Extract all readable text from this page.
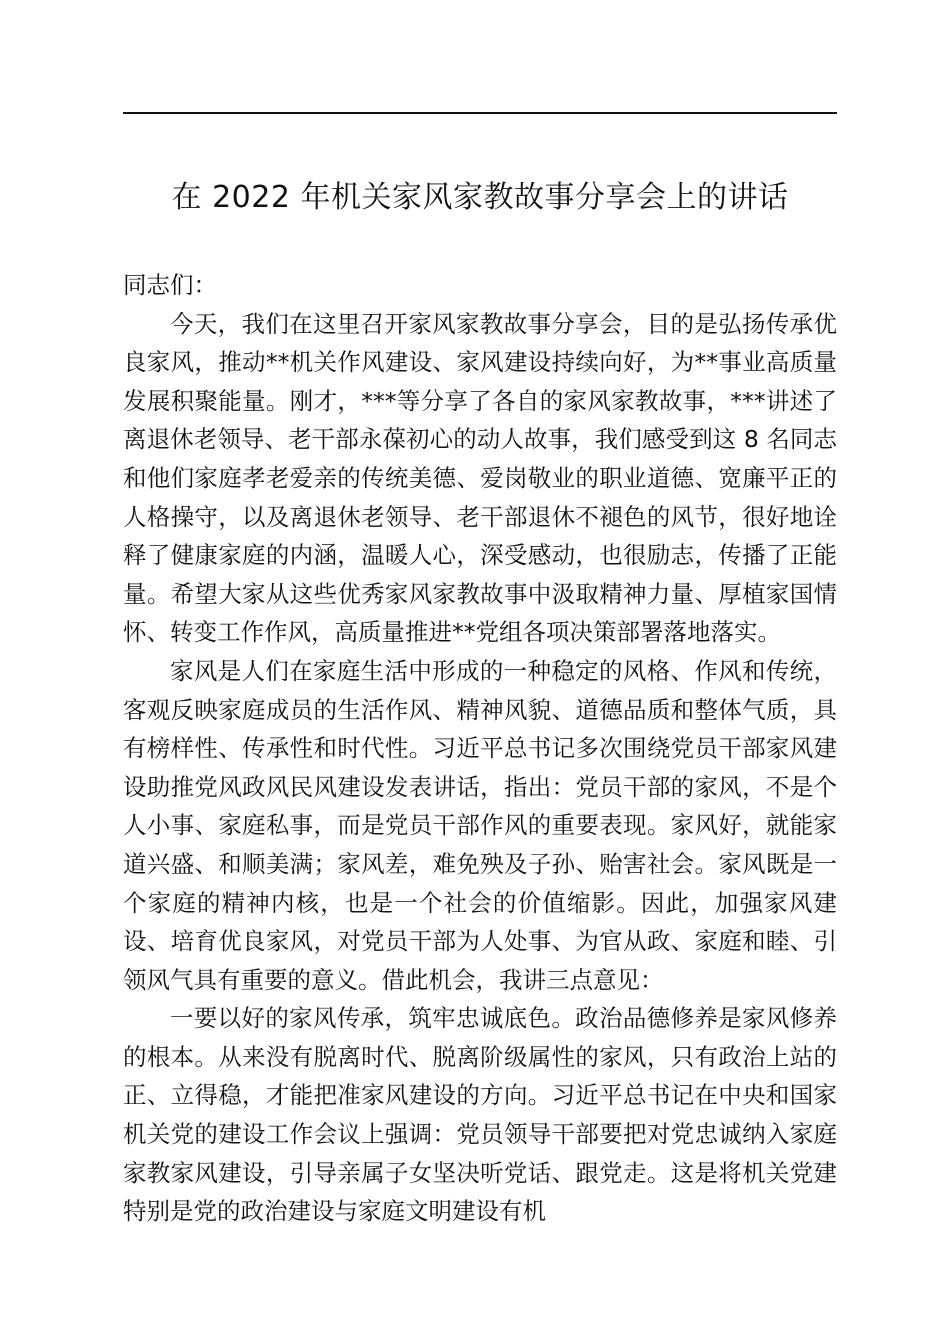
在 2022 年机关家风家教故事分享会上的讲话

同志们：

今天，我们在这里召开家风家教故事分享会，目的是弘扬传承优良家风，推动**机关作风建设、家风建设持续向好，为**事业高质量发展积聚能量。刚才，***等分享了各自的家风家教故事，***讲述了离退休老领导、老干部永葆初心的动人故事，我们感受到这 8 名同志和他们家庭孝老爱亲的传统美德、爱岗敬业的职业道德、宽廉平正的人格操守，以及离退休老领导、老干部退休不褪色的风节，很好地诠释了健康家庭的内涵，温暖人心，深受感动，也很励志，传播了正能量。希望大家从这些优秀家风家教故事中汲取精神力量、厚植家国情怀、转变工作作风，高质量推进**党组各项决策部署落地落实。

家风是人们在家庭生活中形成的一种稳定的风格、作风和传统，客观反映家庭成员的生活作风、精神风貌、道德品质和整体气质，具有榜样性、传承性和时代性。习近平总书记多次围绕党员干部家风建设助推党风政风民风建设发表讲话，指出：党员干部的家风，不是个人小事、家庭私事，而是党员干部作风的重要表现。家风好，就能家道兴盛、和顺美满；家风差，难免殃及子孙、贻害社会。家风既是一个家庭的精神内核，也是一个社会的价值缩影。因此，加强家风建设、培育优良家风，对党员干部为人处事、为官从政、家庭和睦、引领风气具有重要的意义。借此机会，我讲三点意见：

一要以好的家风传承，筑牢忠诚底色。政治品德修养是家风修养的根本。从来没有脱离时代、脱离阶级属性的家风，只有政治上站的正、立得稳，才能把准家风建设的方向。习近平总书记在中央和国家机关党的建设工作会议上强调：党员领导干部要把对党忠诚纳入家庭家教家风建设，引导亲属子女坚决听党话、跟党走。这是将机关党建特别是党的政治建设与家庭文明建设有机
